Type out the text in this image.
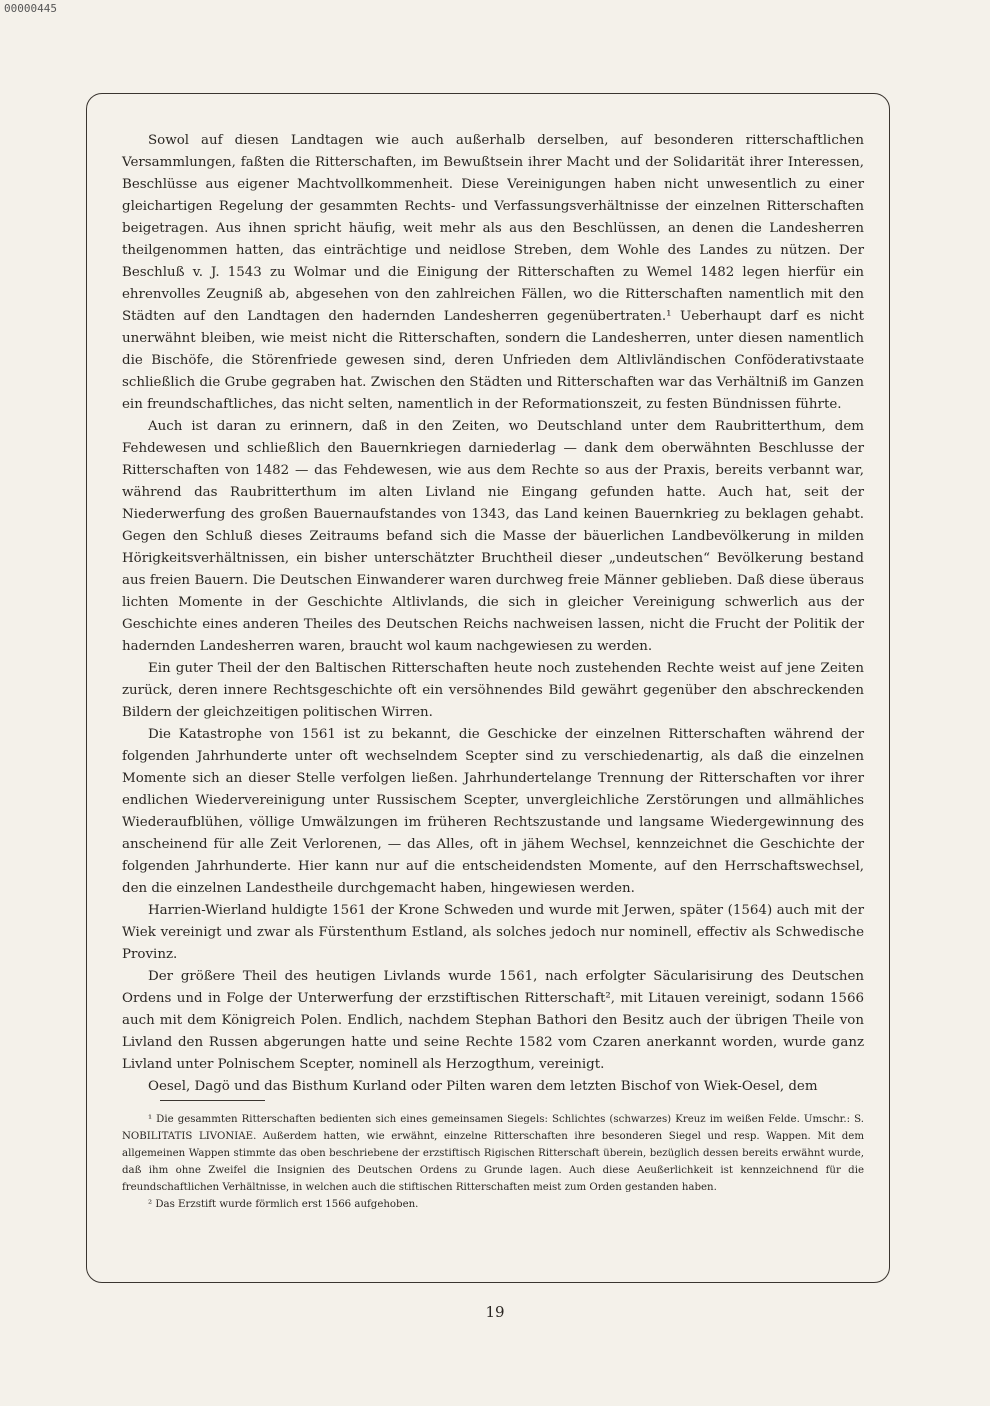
00000445

Sowol auf diesen Landtagen wie auch außerhalb derselben, auf besonderen ritterschaftlichen Versammlungen, faßten die Ritterschaften, im Bewußtsein ihrer Macht und der Solidarität ihrer Interessen, Beschlüsse aus eigener Machtvollkommenheit. Diese Vereinigungen haben nicht unwesentlich zu einer gleichartigen Regelung der gesammten Rechts- und Verfassungsverhältnisse der einzelnen Ritterschaften beigetragen. Aus ihnen spricht häufig, weit mehr als aus den Beschlüssen, an denen die Landesherren theilgenommen hatten, das einträchtige und neidlose Streben, dem Wohle des Landes zu nützen. Der Beschluß v. J. 1543 zu Wolmar und die Einigung der Ritterschaften zu Wemel 1482 legen hierfür ein ehrenvolles Zeugniß ab, abgesehen von den zahlreichen Fällen, wo die Ritterschaften namentlich mit den Städten auf den Landtagen den hadernden Landesherren gegenübertraten.¹ Ueberhaupt darf es nicht unerwähnt bleiben, wie meist nicht die Ritterschaften, sondern die Landesherren, unter diesen namentlich die Bischöfe, die Störenfriede gewesen sind, deren Unfrieden dem Altlivländischen Conföderativstaate schließlich die Grube gegraben hat. Zwischen den Städten und Ritterschaften war das Verhältniß im Ganzen ein freundschaftliches, das nicht selten, namentlich in der Reformationszeit, zu festen Bündnissen führte.

Auch ist daran zu erinnern, daß in den Zeiten, wo Deutschland unter dem Raubritterthum, dem Fehdewesen und schließlich den Bauernkriegen darniederlag — dank dem oberwähnten Beschlusse der Ritterschaften von 1482 — das Fehdewesen, wie aus dem Rechte so aus der Praxis, bereits verbannt war, während das Raubritterthum im alten Livland nie Eingang gefunden hatte. Auch hat, seit der Niederwerfung des großen Bauernaufstandes von 1343, das Land keinen Bauernkrieg zu beklagen gehabt. Gegen den Schluß dieses Zeitraums befand sich die Masse der bäuerlichen Landbevölkerung in milden Hörigkeitsverhältnissen, ein bisher unterschätzter Bruchtheil dieser „undeutschen“ Bevölkerung bestand aus freien Bauern. Die Deutschen Einwanderer waren durchweg freie Männer geblieben. Daß diese überaus lichten Momente in der Geschichte Altlivlands, die sich in gleicher Vereinigung schwerlich aus der Geschichte eines anderen Theiles des Deutschen Reichs nachweisen lassen, nicht die Frucht der Politik der hadernden Landesherren waren, braucht wol kaum nachgewiesen zu werden.

Ein guter Theil der den Baltischen Ritterschaften heute noch zustehenden Rechte weist auf jene Zeiten zurück, deren innere Rechtsgeschichte oft ein versöhnendes Bild gewährt gegenüber den abschreckenden Bildern der gleichzeitigen politischen Wirren.

Die Katastrophe von 1561 ist zu bekannt, die Geschicke der einzelnen Ritterschaften während der folgenden Jahrhunderte unter oft wechselndem Scepter sind zu verschiedenartig, als daß die einzelnen Momente sich an dieser Stelle verfolgen ließen. Jahrhundertelange Trennung der Ritterschaften vor ihrer endlichen Wiedervereinigung unter Russischem Scepter, unvergleichliche Zerstörungen und allmähliches Wiederaufblühen, völlige Umwälzungen im früheren Rechtszustande und langsame Wiedergewinnung des anscheinend für alle Zeit Verlorenen, — das Alles, oft in jähem Wechsel, kennzeichnet die Geschichte der folgenden Jahrhunderte. Hier kann nur auf die entscheidendsten Momente, auf den Herrschaftswechsel, den die einzelnen Landestheile durchgemacht haben, hingewiesen werden.

Harrien-Wierland huldigte 1561 der Krone Schweden und wurde mit Jerwen, später (1564) auch mit der Wiek vereinigt und zwar als Fürstenthum Estland, als solches jedoch nur nominell, effectiv als Schwedische Provinz.

Der größere Theil des heutigen Livlands wurde 1561, nach erfolgter Säcularisirung des Deutschen Ordens und in Folge der Unterwerfung der erzstiftischen Ritterschaft², mit Litauen vereinigt, sodann 1566 auch mit dem Königreich Polen. Endlich, nachdem Stephan Bathori den Besitz auch der übrigen Theile von Livland den Russen abgerungen hatte und seine Rechte 1582 vom Czaren anerkannt worden, wurde ganz Livland unter Polnischem Scepter, nominell als Herzogthum, vereinigt.

Oesel, Dagö und das Bisthum Kurland oder Pilten waren dem letzten Bischof von Wiek-Oesel, dem

¹ Die gesammten Ritterschaften bedienten sich eines gemeinsamen Siegels: Schlichtes (schwarzes) Kreuz im weißen Felde. Umschr.: S. NOBILITATIS LIVONIAE. Außerdem hatten, wie erwähnt, einzelne Ritterschaften ihre besonderen Siegel und resp. Wappen. Mit dem allgemeinen Wappen stimmte das oben beschriebene der erzstiftisch Rigischen Ritterschaft überein, bezüglich dessen bereits erwähnt wurde, daß ihm ohne Zweifel die Insignien des Deutschen Ordens zu Grunde lagen. Auch diese Aeußerlichkeit ist kennzeichnend für die freundschaftlichen Verhältnisse, in welchen auch die stiftischen Ritterschaften meist zum Orden gestanden haben.

² Das Erzstift wurde förmlich erst 1566 aufgehoben.

19
